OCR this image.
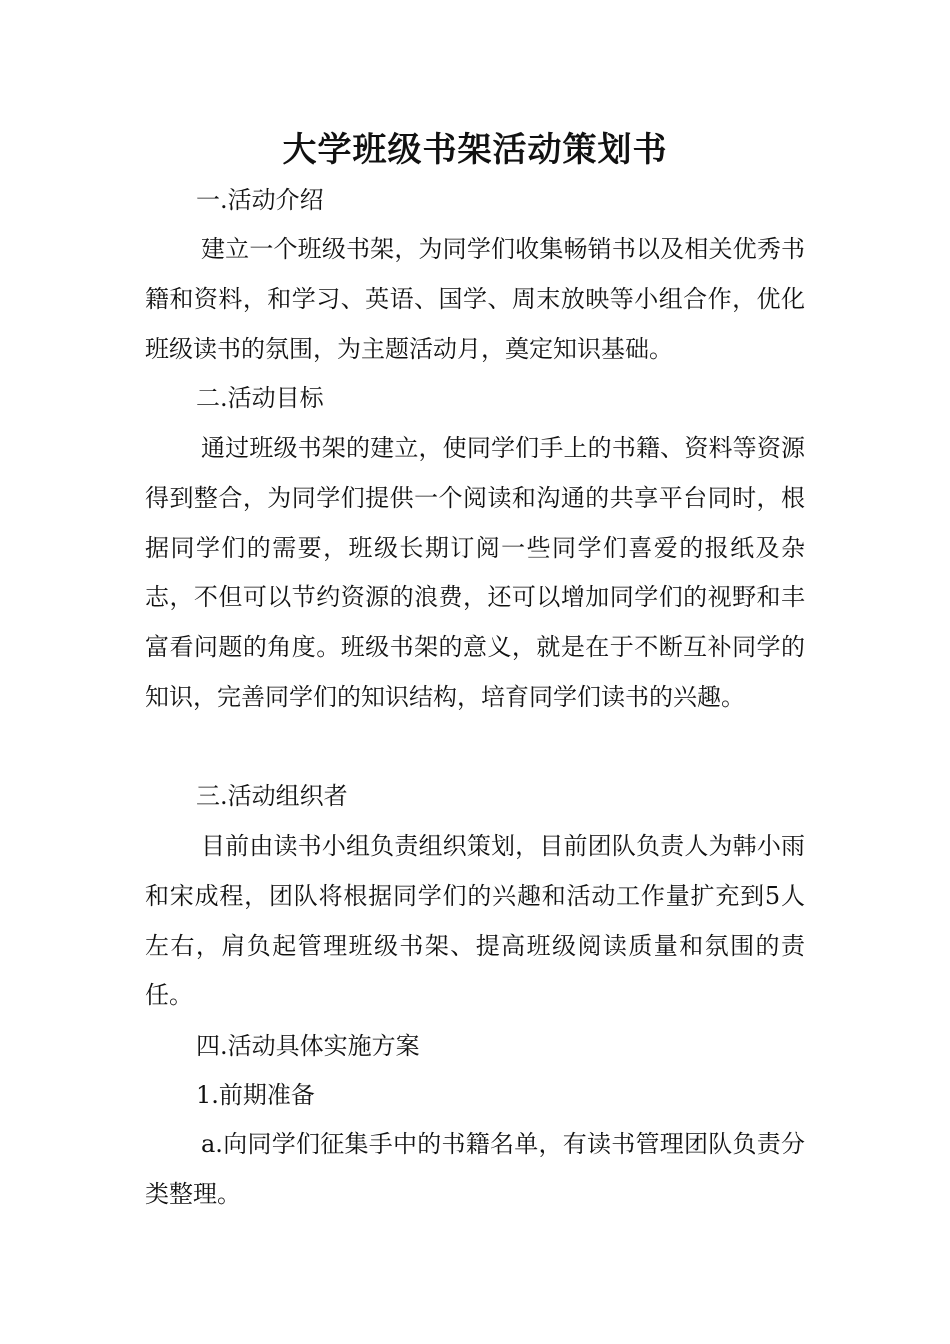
大学班级书架活动策划书

一.活动介绍

建立一个班级书架，为同学们收集畅销书以及相关优秀书籍和资料，和学习、英语、国学、周末放映等小组合作，优化班级读书的氛围，为主题活动月，奠定知识基础。

二.活动目标

通过班级书架的建立，使同学们手上的书籍、资料等资源得到整合，为同学们提供一个阅读和沟通的共享平台同时，根据同学们的需要，班级长期订阅一些同学们喜爱的报纸及杂志，不但可以节约资源的浪费，还可以增加同学们的视野和丰富看问题的角度。班级书架的意义，就是在于不断互补同学的知识，完善同学们的知识结构，培育同学们读书的兴趣。

三.活动组织者

目前由读书小组负责组织策划，目前团队负责人为韩小雨和宋成程，团队将根据同学们的兴趣和活动工作量扩充到5人左右，肩负起管理班级书架、提高班级阅读质量和氛围的责任。

四.活动具体实施方案

1.前期准备

a.向同学们征集手中的书籍名单，有读书管理团队负责分类整理。
